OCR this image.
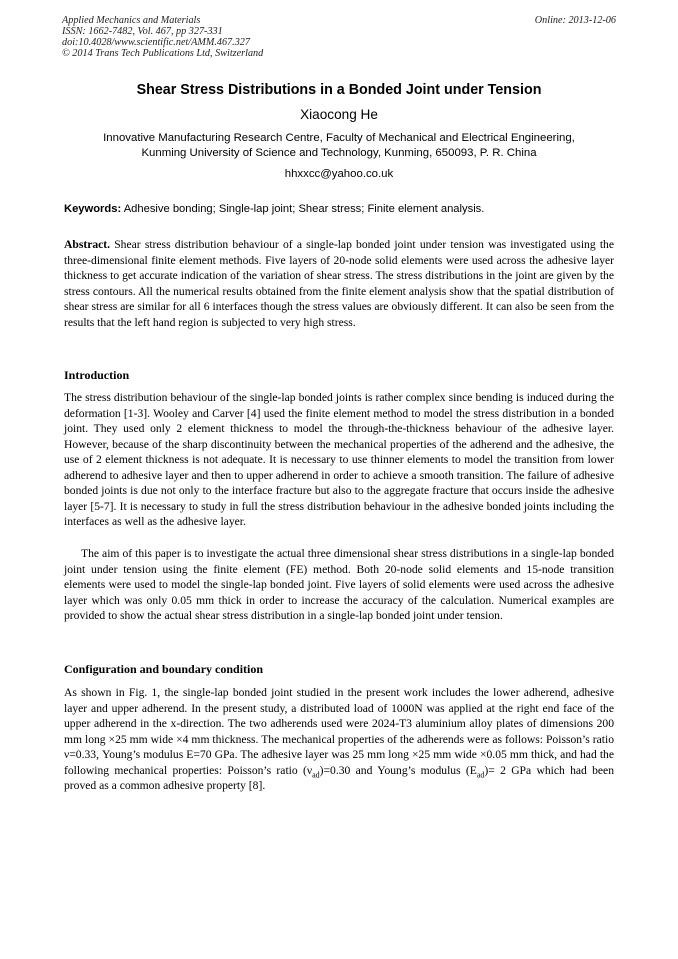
Applied Mechanics and Materials
ISSN: 1662-7482, Vol. 467, pp 327-331
doi:10.4028/www.scientific.net/AMM.467.327
© 2014 Trans Tech Publications Ltd, Switzerland
Online: 2013-12-06
Shear Stress Distributions in a Bonded Joint under Tension
Xiaocong He
Innovative Manufacturing Research Centre, Faculty of Mechanical and Electrical Engineering,
Kunming University of Science and Technology, Kunming, 650093, P. R. China
hhxxcc@yahoo.co.uk
Keywords: Adhesive bonding; Single-lap joint; Shear stress; Finite element analysis.
Abstract. Shear stress distribution behaviour of a single-lap bonded joint under tension was investigated using the three-dimensional finite element methods. Five layers of 20-node solid elements were used across the adhesive layer thickness to get accurate indication of the variation of shear stress. The stress distributions in the joint are given by the stress contours. All the numerical results obtained from the finite element analysis show that the spatial distribution of shear stress are similar for all 6 interfaces though the stress values are obviously different. It can also be seen from the results that the left hand region is subjected to very high stress.
Introduction
The stress distribution behaviour of the single-lap bonded joints is rather complex since bending is induced during the deformation [1-3]. Wooley and Carver [4] used the finite element method to model the stress distribution in a bonded joint. They used only 2 element thickness to model the through-the-thickness behaviour of the adhesive layer. However, because of the sharp discontinuity between the mechanical properties of the adherend and the adhesive, the use of 2 element thickness is not adequate. It is necessary to use thinner elements to model the transition from lower adherend to adhesive layer and then to upper adherend in order to achieve a smooth transition. The failure of adhesive bonded joints is due not only to the interface fracture but also to the aggregate fracture that occurs inside the adhesive layer [5-7]. It is necessary to study in full the stress distribution behaviour in the adhesive bonded joints including the interfaces as well as the adhesive layer.
The aim of this paper is to investigate the actual three dimensional shear stress distributions in a single-lap bonded joint under tension using the finite element (FE) method. Both 20-node solid elements and 15-node transition elements were used to model the single-lap bonded joint. Five layers of solid elements were used across the adhesive layer which was only 0.05 mm thick in order to increase the accuracy of the calculation. Numerical examples are provided to show the actual shear stress distribution in a single-lap bonded joint under tension.
Configuration and boundary condition
As shown in Fig. 1, the single-lap bonded joint studied in the present work includes the lower adherend, adhesive layer and upper adherend. In the present study, a distributed load of 1000N was applied at the right end face of the upper adherend in the x-direction. The two adherends used were 2024-T3 aluminium alloy plates of dimensions 200 mm long ×25 mm wide ×4 mm thickness. The mechanical properties of the adherends were as follows: Poisson’s ratio ν=0.33, Young’s modulus E=70 GPa. The adhesive layer was 25 mm long ×25 mm wide ×0.05 mm thick, and had the following mechanical properties: Poisson’s ratio $(\nu_{ad})=0.30$ and Young’s modulus $(E_{ad})= 2$ GPa which had been proved as a common adhesive property [8].
